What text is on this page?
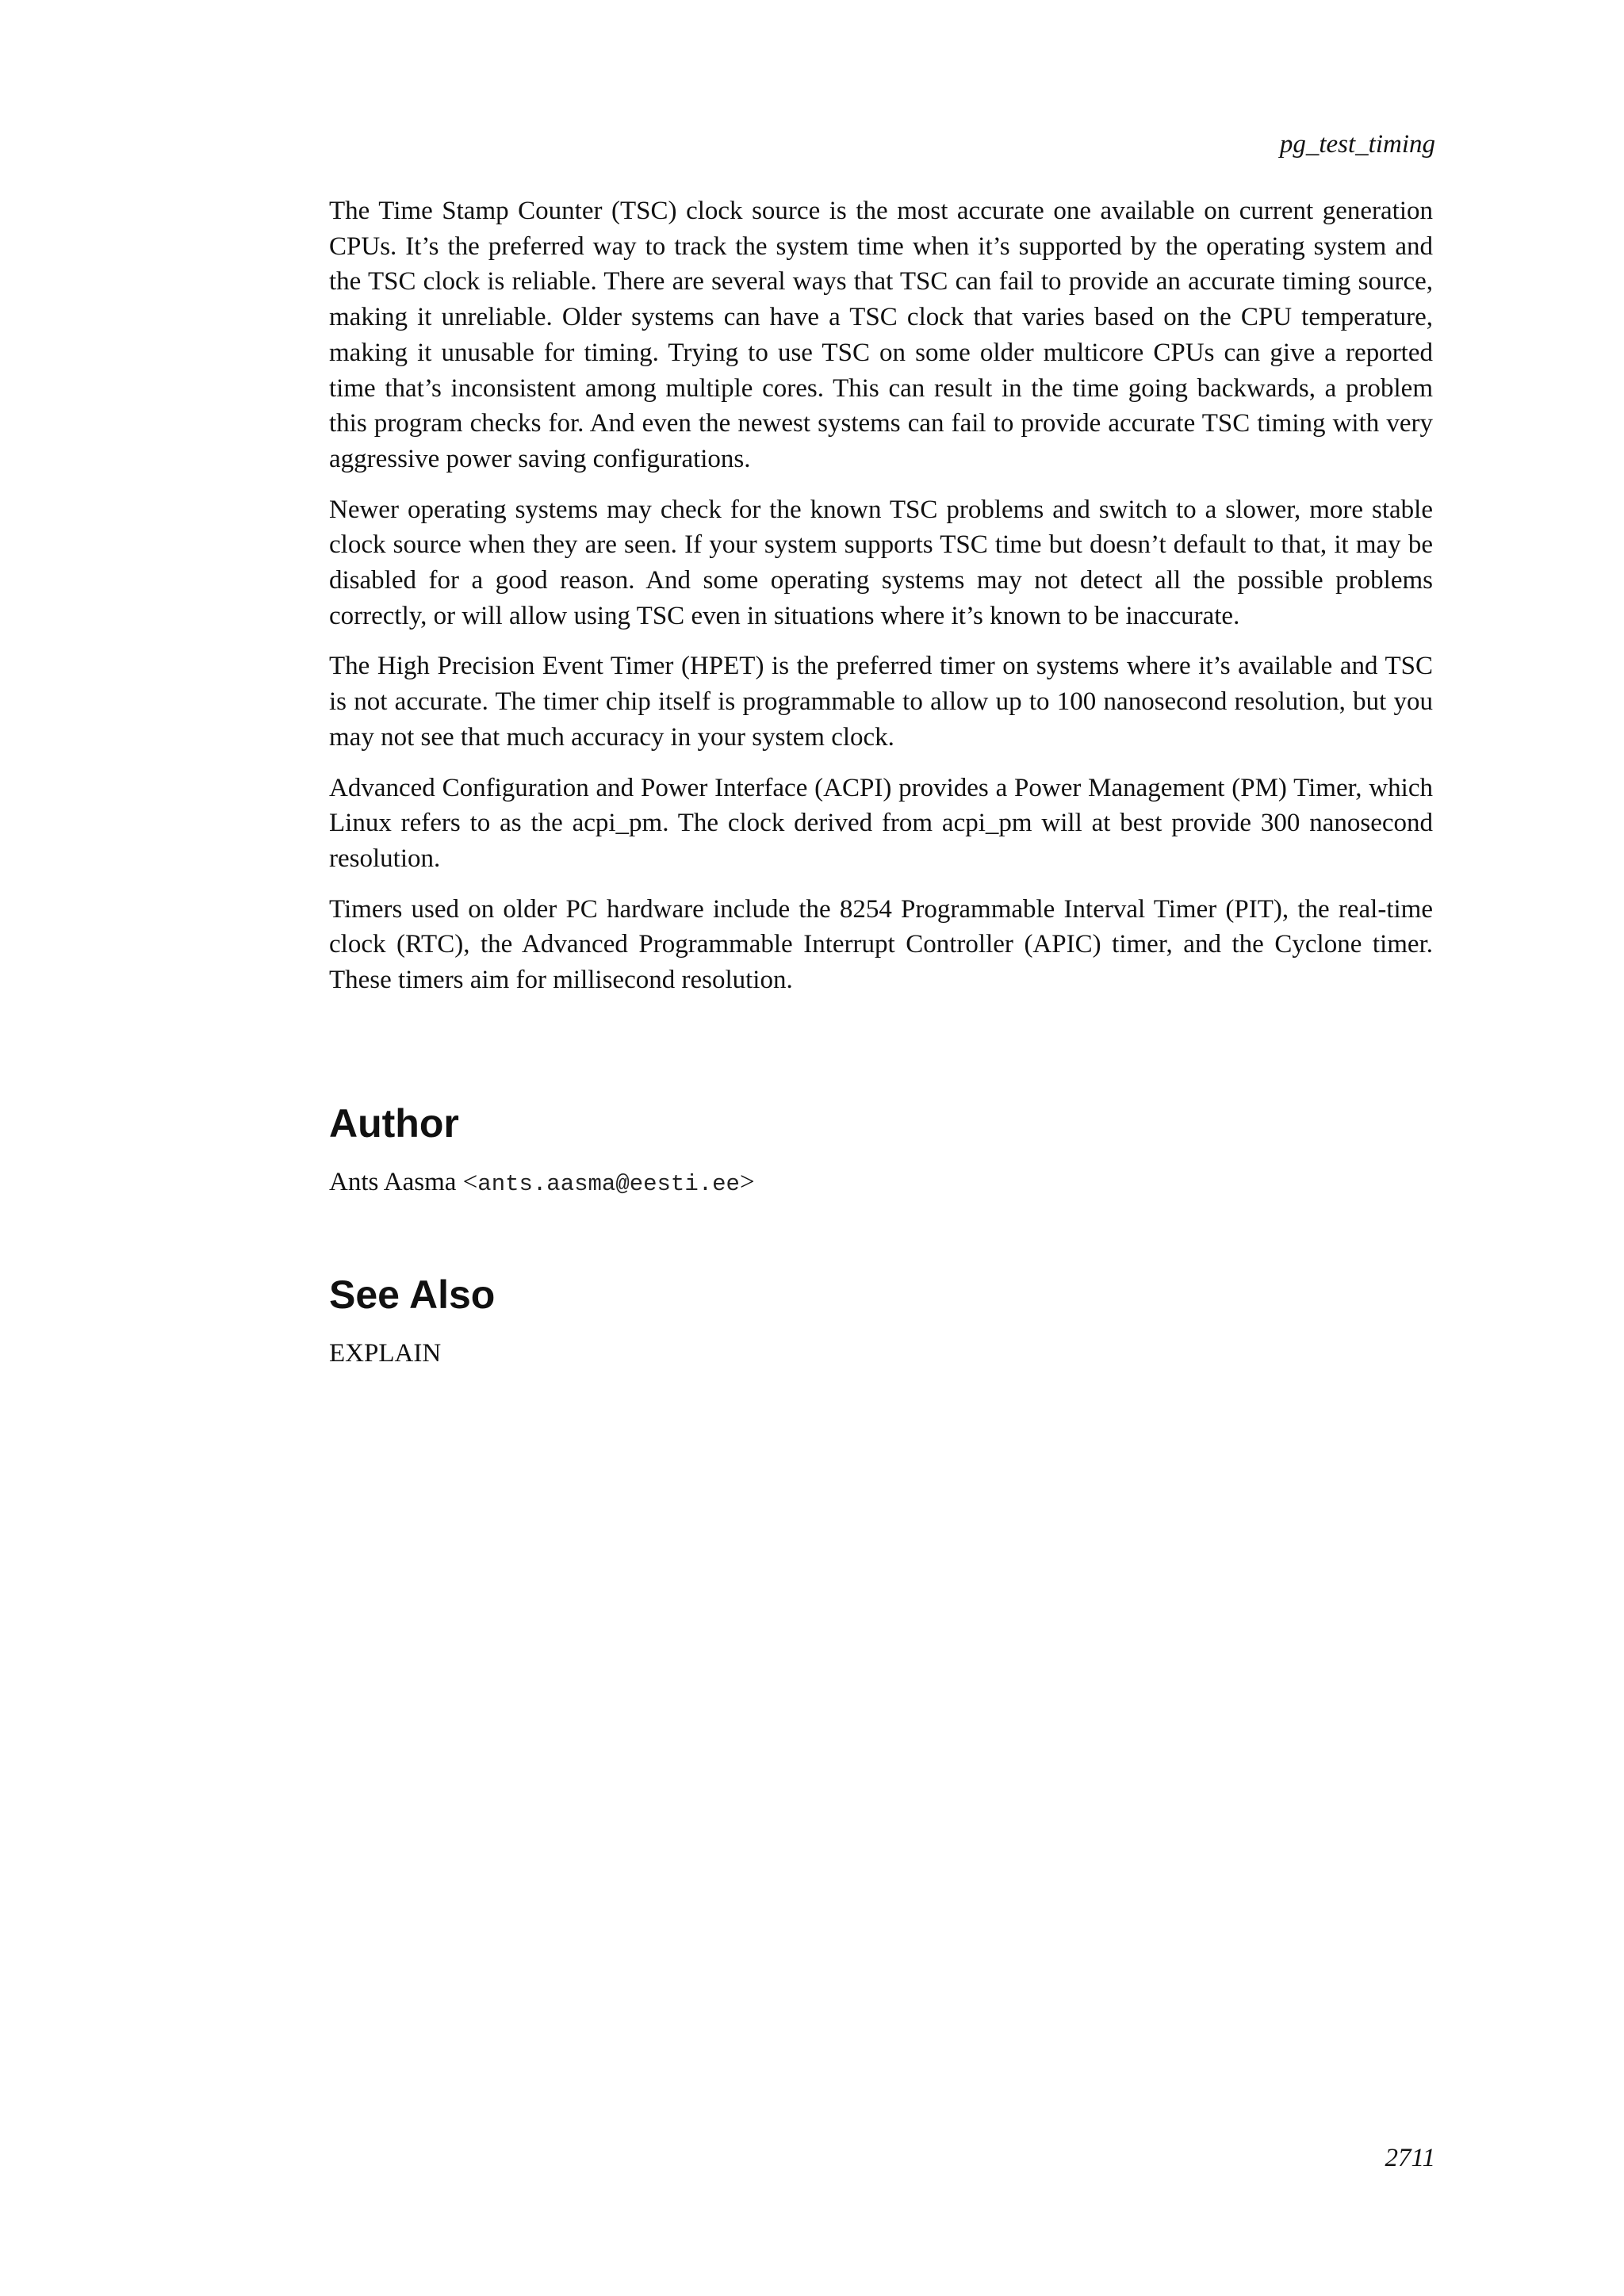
pg_test_timing

The Time Stamp Counter (TSC) clock source is the most accurate one available on current generation CPUs. It’s the preferred way to track the system time when it’s supported by the operating system and the TSC clock is reliable. There are several ways that TSC can fail to provide an accurate timing source, making it unreliable. Older systems can have a TSC clock that varies based on the CPU temperature, making it unusable for timing. Trying to use TSC on some older multicore CPUs can give a reported time that’s inconsistent among multiple cores. This can result in the time going backwards, a problem this program checks for. And even the newest systems can fail to provide accurate TSC timing with very aggressive power saving configurations.

Newer operating systems may check for the known TSC problems and switch to a slower, more stable clock source when they are seen. If your system supports TSC time but doesn’t default to that, it may be disabled for a good reason. And some operating systems may not detect all the possible problems correctly, or will allow using TSC even in situations where it’s known to be inaccurate.

The High Precision Event Timer (HPET) is the preferred timer on systems where it’s available and TSC is not accurate. The timer chip itself is programmable to allow up to 100 nanosecond resolution, but you may not see that much accuracy in your system clock.

Advanced Configuration and Power Interface (ACPI) provides a Power Management (PM) Timer, which Linux refers to as the acpi_pm. The clock derived from acpi_pm will at best provide 300 nanosecond resolution.

Timers used on older PC hardware include the 8254 Programmable Interval Timer (PIT), the real-time clock (RTC), the Advanced Programmable Interrupt Controller (APIC) timer, and the Cyclone timer. These timers aim for millisecond resolution.

Author

Ants Aasma <ants.aasma@eesti.ee>

See Also

EXPLAIN

2711
